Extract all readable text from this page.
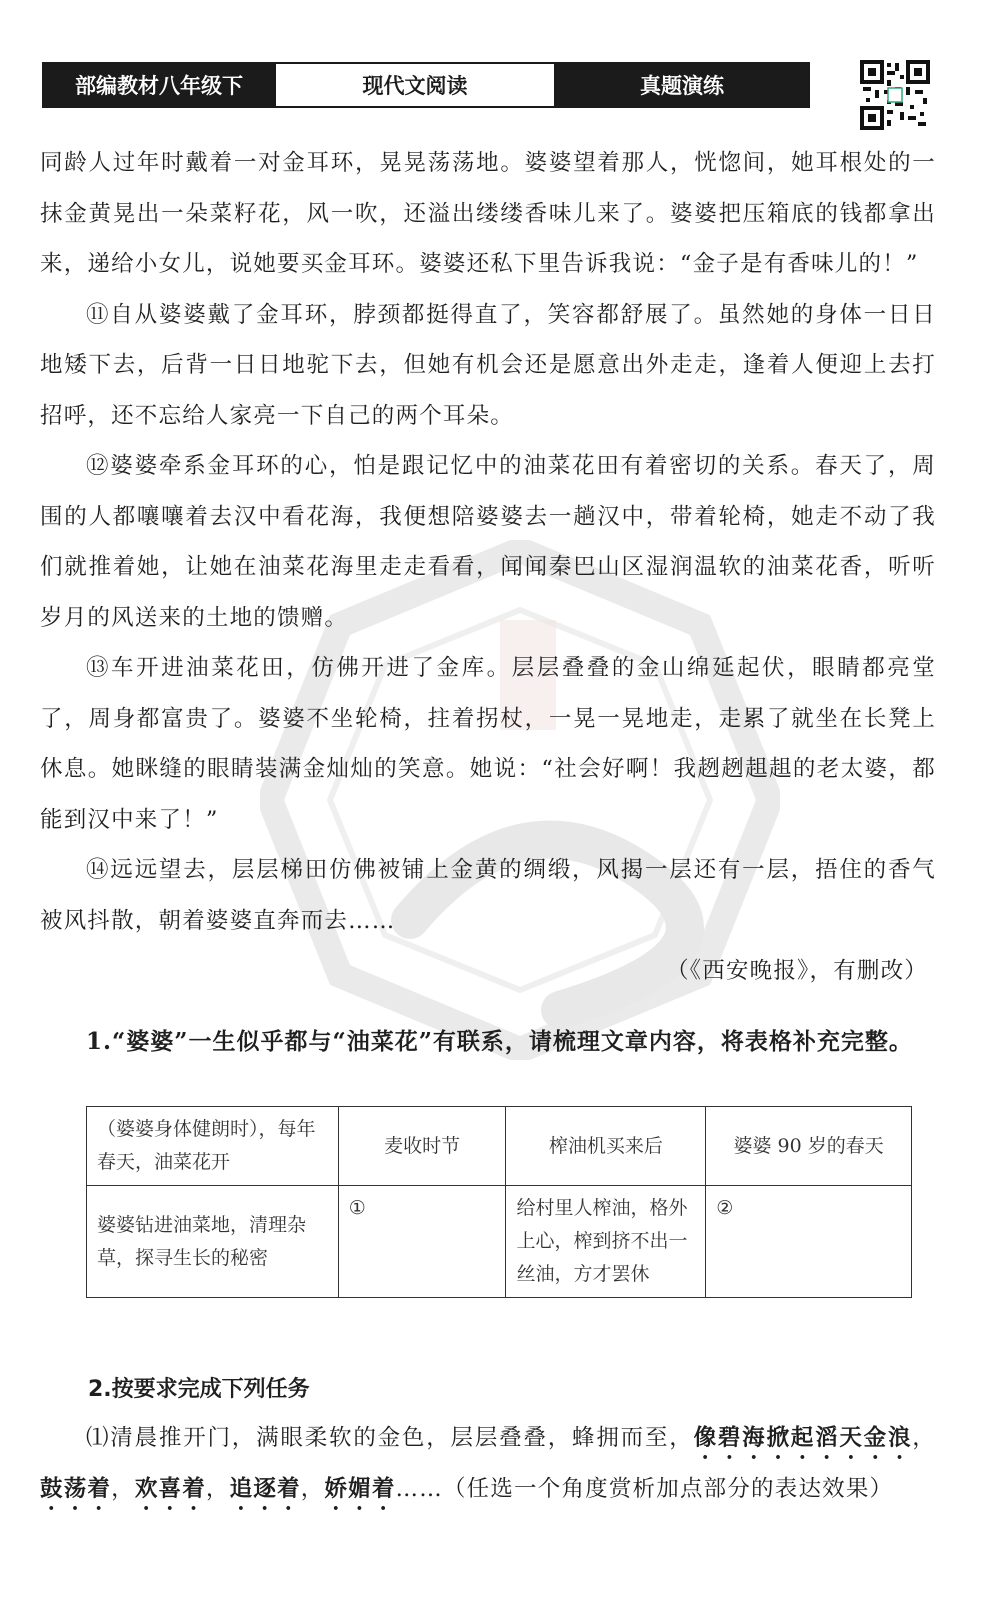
部编教材八年级下	现代文阅读	真题演练

同龄人过年时戴着一对金耳环，晃晃荡荡地。婆婆望着那人，恍惚间，她耳根处的一抹金黄晃出一朵菜籽花，风一吹，还溢出缕缕香味儿来了。婆婆把压箱底的钱都拿出来，递给小女儿，说她要买金耳环。婆婆还私下里告诉我说：“金子是有香味儿的！”

⑪自从婆婆戴了金耳环，脖颈都挺得直了，笑容都舒展了。虽然她的身体一日日地矮下去，后背一日日地驼下去，但她有机会还是愿意出外走走，逢着人便迎上去打招呼，还不忘给人家亮一下自己的两个耳朵。

⑫婆婆牵系金耳环的心，怕是跟记忆中的油菜花田有着密切的关系。春天了，周围的人都嚷嚷着去汉中看花海，我便想陪婆婆去一趟汉中，带着轮椅，她走不动了我们就推着她，让她在油菜花海里走走看看，闻闻秦巴山区湿润温软的油菜花香，听听岁月的风送来的土地的馈赠。

⑬车开进油菜花田，仿佛开进了金库。层层叠叠的金山绵延起伏，眼睛都亮堂了，周身都富贵了。婆婆不坐轮椅，拄着拐杖，一晃一晃地走，走累了就坐在长凳上休息。她眯缝的眼睛装满金灿灿的笑意。她说：“社会好啊！我趔趔趄趄的老太婆，都能到汉中来了！”

⑭远远望去，层层梯田仿佛被铺上金黄的绸缎，风揭一层还有一层，捂住的香气被风抖散，朝着婆婆直奔而去……

（《西安晚报》，有删改）

1.“婆婆”一生似乎都与“油菜花”有联系，请梳理文章内容，将表格补充完整。

（婆婆身体健朗时），每年春天，油菜花开	麦收时节	榨油机买来后	婆婆 90 岁的春天
婆婆钻进油菜地，清理杂草，探寻生长的秘密	①	给村里人榨油，格外上心，榨到挤不出一丝油，方才罢休	②
2.按要求完成下列任务

⑴清晨推开门，满眼柔软的金色，层层叠叠，蜂拥而至，像碧海掀起滔天金浪，鼓荡着，欢喜着，追逐着，娇媚着……（任选一个角度赏析加点部分的表达效果）
